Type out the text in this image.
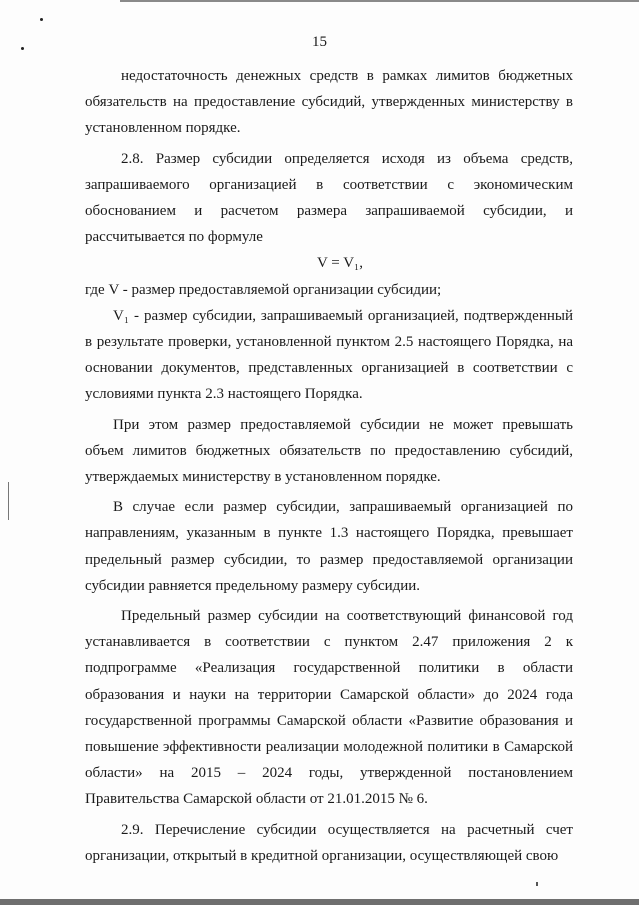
15

недостаточность денежных средств в рамках лимитов бюджетных обязательств на предоставление субсидий, утвержденных министерству в установленном порядке.

2.8. Размер субсидии определяется исходя из объема средств, запрашиваемого организацией в соответствии с экономическим обоснованием и расчетом размера запрашиваемой субсидии, и рассчитывается по формуле

V = V₁,

где V - размер предоставляемой организации субсидии;

V₁ - размер субсидии, запрашиваемый организацией, подтвержденный в результате проверки, установленной пунктом 2.5 настоящего Порядка, на основании документов, представленных организацией в соответствии с условиями пункта 2.3 настоящего Порядка.

При этом размер предоставляемой субсидии не может превышать объем лимитов бюджетных обязательств по предоставлению субсидий, утверждаемых министерству в установленном порядке.

В случае если размер субсидии, запрашиваемый организацией по направлениям, указанным в пункте 1.3 настоящего Порядка, превышает предельный размер субсидии, то размер предоставляемой организации субсидии равняется предельному размеру субсидии.

Предельный размер субсидии на соответствующий финансовой год устанавливается в соответствии с пунктом 2.47 приложения 2 к подпрограмме «Реализация государственной политики в области образования и науки на территории Самарской области» до 2024 года государственной программы Самарской области «Развитие образования и повышение эффективности реализации молодежной политики в Самарской области» на 2015 – 2024 годы, утвержденной постановлением Правительства Самарской области от 21.01.2015 № 6.

2.9. Перечисление субсидии осуществляется на расчетный счет организации, открытый в кредитной организации, осуществляющей свою
